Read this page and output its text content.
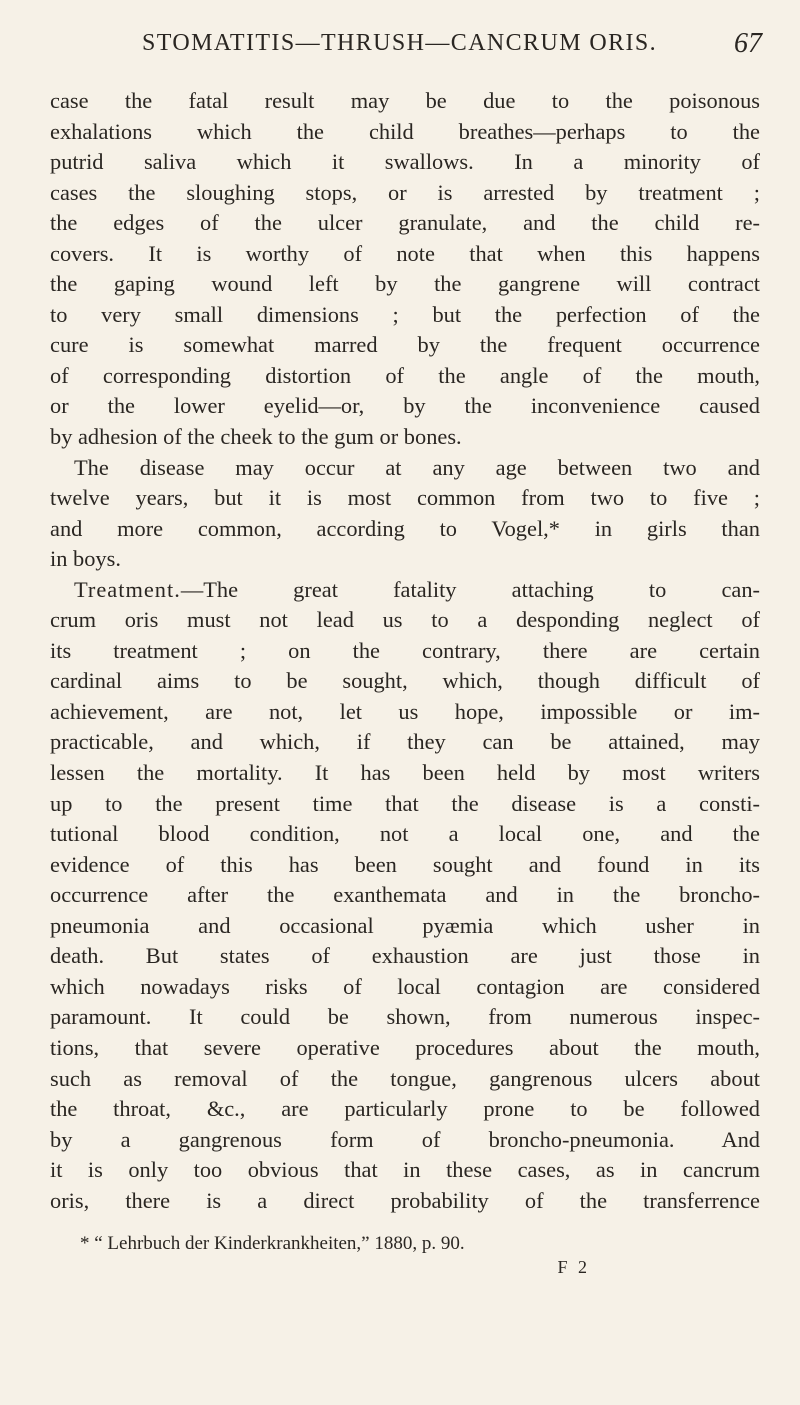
STOMATITIS—THRUSH—CANCRUM ORIS.	67
case the fatal result may be due to the poisonous
exhalations which the child breathes—perhaps to the
putrid saliva which it swallows. In a minority of
cases the sloughing stops, or is arrested by treatment ;
the edges of the ulcer granulate, and the child re-
covers. It is worthy of note that when this happens
the gaping wound left by the gangrene will contract
to very small dimensions ; but the perfection of the
cure is somewhat marred by the frequent occurrence
of corresponding distortion of the angle of the mouth,
or the lower eyelid—or, by the inconvenience caused
by adhesion of the cheek to the gum or bones.
The disease may occur at any age between two and
twelve years, but it is most common from two to five ;
and more common, according to Vogel,* in girls than
in boys.
Treatment.—The great fatality attaching to can-
crum oris must not lead us to a desponding neglect of
its treatment ; on the contrary, there are certain
cardinal aims to be sought, which, though difficult of
achievement, are not, let us hope, impossible or im-
practicable, and which, if they can be attained, may
lessen the mortality. It has been held by most writers
up to the present time that the disease is a consti-
tutional blood condition, not a local one, and the
evidence of this has been sought and found in its
occurrence after the exanthemata and in the broncho-
pneumonia and occasional pyæmia which usher in
death. But states of exhaustion are just those in
which nowadays risks of local contagion are considered
paramount. It could be shown, from numerous inspec-
tions, that severe operative procedures about the mouth,
such as removal of the tongue, gangrenous ulcers about
the throat, &c., are particularly prone to be followed
by a gangrenous form of broncho-pneumonia. And
it is only too obvious that in these cases, as in cancrum
oris, there is a direct probability of the transferrence
* “ Lehrbuch der Kinderkrankheiten,” 1880, p. 90.
F 2
